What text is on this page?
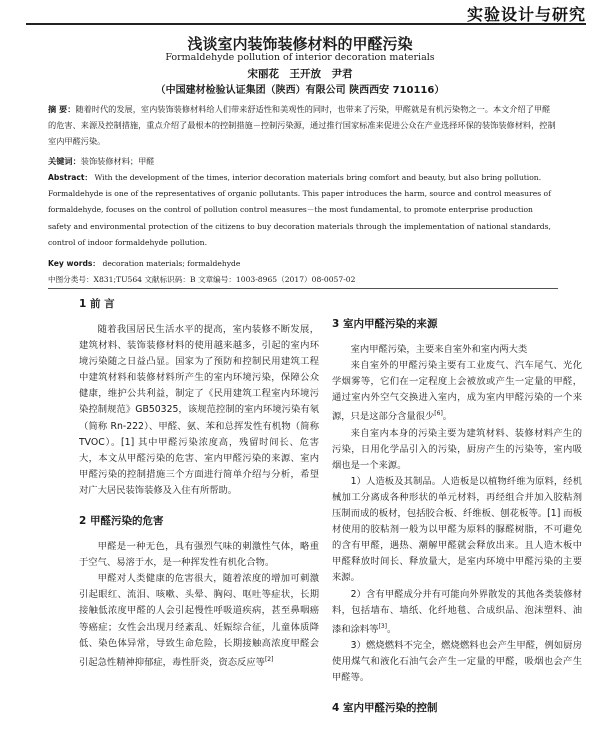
实验设计与研究
浅谈室内装饰装修材料的甲醛污染
Formaldehyde pollution of interior decoration materials
宋丽花　王开放　尹君
（中国建材检验认证集团（陕西）有限公司 陕西西安 710116）
摘 要：随着时代的发展，室内装饰装修材料给人们带来舒适性和美观性的同时，也带来了污染，甲醛就是有机污染物之一。本文介绍了甲醛的危害、来源及控制措施，重点介绍了最根本的控制措施－控制污染源，通过推行国家标准来促进公众在产业选择环保的装饰装修材料，控制室内甲醛污染。
关键词：装饰装修材料；甲醛
Abstract： With the development of the times, interior decoration materials bring comfort and beauty, but also bring pollution. Formaldehyde is one of the representatives of organic pollutants. This paper introduces the harm, source and control measures of formaldehyde, focuses on the control of pollution control measures－the most fundamental, to promote enterprise production safety and environmental protection of the citizens to buy decoration materials through the implementation of national standards, control of indoor formaldehyde pollution.
Key words： decoration materials; formaldehyde
中图分类号：X831;TU564 文献标识码：B 文章编号：1003-8965（2017）08-0057-02
1 前 言

随着我国居民生活水平的提高，室内装修不断发展，建筑材料、装饰装修材料的使用越来越多，引起的室内环境污染随之日益凸显。国家为了预防和控制民用建筑工程中建筑材料和装修材料所产生的室内环境污染，保障公众健康，维护公共利益，制定了《民用建筑工程室内环境污染控制规范》GB50325，该规范控制的室内环境污染有氡（简称 Rn-222）、甲醛、氨、苯和总挥发性有机物（简称 TVOC）。[1] 其中甲醛污染浓度高，残留时间长、危害大，本文从甲醛污染的危害、室内甲醛污染的来源、室内甲醛污染的控制措施三个方面进行简单介绍与分析，希望对广大居民装饰装修及入住有所帮助。

2 甲醛污染的危害

甲醛是一种无色，具有强烈气味的刺激性气体，略重于空气、易溶于水，是一种挥发性有机化合物。

甲醛对人类健康的危害很大，随着浓度的增加可刺激引起眼红、流泪、咳嗽、头晕、胸闷、呕吐等症状，长期接触低浓度甲醛的人会引起慢性呼吸道疾病，甚至鼻咽癌等癌症；女性会出现月经紊乱、妊娠综合征，儿童体质降低、染色体异常，导致生命危险，长期接触高浓度甲醛会引起急性精神抑郁症，毒性肝炎，资态反应等[2]

3 室内甲醛污染的来源

室内甲醛污染，主要来自室外和室内两大类

来自室外的甲醛污染主要有工业废气、汽车尾气、光化学烟雾等，它们在一定程度上会被放或产生一定量的甲醛，通过室内外空气交换进入室内，成为室内甲醛污染的一个来源，只是这部分含量很少[6]。

来自室内本身的污染主要为建筑材料、装修材料产生的污染，日用化学品引入的污染，厨房产生的污染等，室内吸烟也是一个来源。

1）人造板及其制品。人造板是以植物纤维为原料，经机械加工分离成各种形状的单元材料，再经组合并加入胶粘剂压制而成的板材，包括胶合板、纤维板、刨花板等。[1] 而板材使用的胶粘剂一般为以甲醛为原料的脲醛树脂，不可避免的含有甲醛，遇热、潮解甲醛就会释放出来。且人造木板中甲醛释放时间长、释放量大，是室内环境中甲醛污染的主要来源。

2）含有甲醛成分并有可能向外界散发的其他各类装修材料，包括墙布、墙纸、化纤地毯、合成织品、泡沫塑料、油漆和涂料等[3]。

3）燃烧燃料不完全，燃烧燃料也会产生甲醛，例如厨房使用煤气和液化石油气会产生一定量的甲醛，吸烟也会产生甲醛等。

4 室内甲醛污染的控制
